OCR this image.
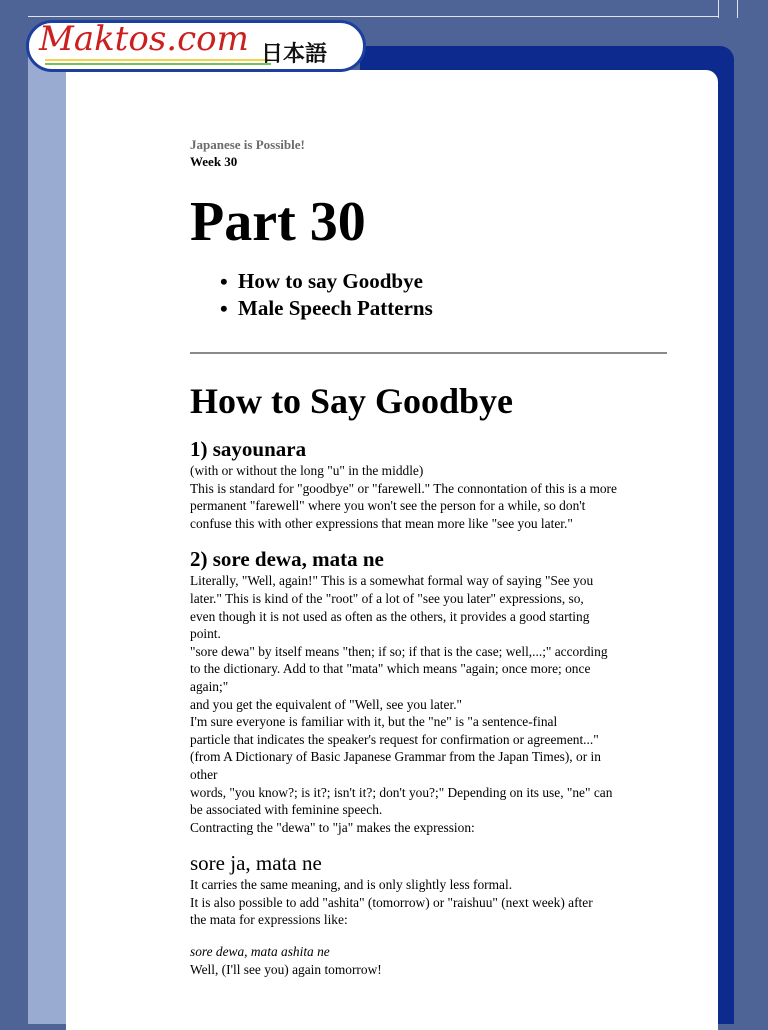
Maktos.com 日本語

Japanese is Possible!

Week 30

Part 30
• How to say Goodbye
• Male Speech Patterns
How to Say Goodbye
1) sayounara

(with or without the long "u" in the middle)
This is standard for "goodbye" or "farewell." The connontation of this is a more
permanent "farewell" where you won't see the person for a while, so don't
confuse this with other expressions that mean more like "see you later."

2) sore dewa, mata ne

Literally, "Well, again!" This is a somewhat formal way of saying "See you
later." This is kind of the "root" of a lot of "see you later" expressions, so,
even though it is not used as often as the others, it provides a good starting
point.
"sore dewa" by itself means "then; if so; if that is the case; well,...;" according
to the dictionary. Add to that "mata" which means "again; once more; once
again;"
and you get the equivalent of "Well, see you later."
I'm sure everyone is familiar with it, but the "ne" is "a sentence-final
particle that indicates the speaker's request for confirmation or agreement..."
(from A Dictionary of Basic Japanese Grammar from the Japan Times), or in
other
words, "you know?; is it?; isn't it?; don't you?;" Depending on its use, "ne" can
be associated with feminine speech.
Contracting the "dewa" to "ja" makes the expression:

sore ja, mata ne

It carries the same meaning, and is only slightly less formal.
It is also possible to add "ashita" (tomorrow) or "raishuu" (next week) after
the mata for expressions like:

sore dewa, mata ashita ne
Well, (I'll see you) again tomorrow!
